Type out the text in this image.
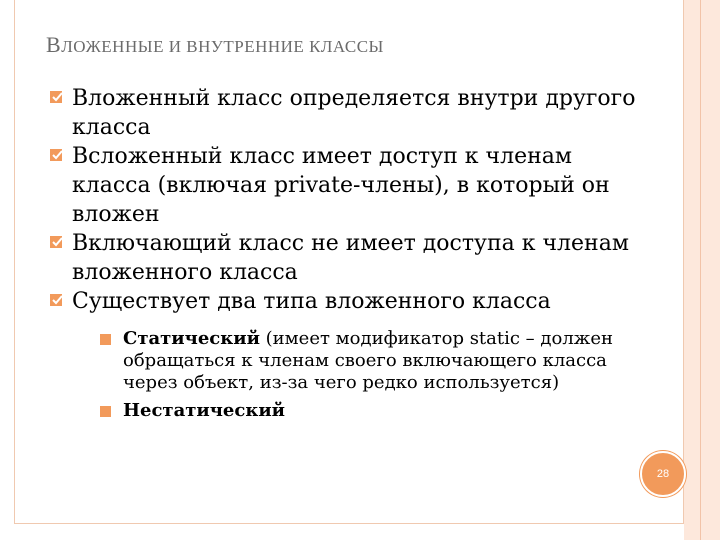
ВЛОЖЕННЫЕ И ВНУТРЕННИЕ КЛАССЫ
Вложенный класс определяется внутри другого класса
Всложенный класс имеет доступ к членам класса (включая private-члены), в который он вложен
Включающий класс не имеет доступа к членам вложенного класса
Существует два типа вложенного класса
Статический (имеет модификатор static – должен обращаться к членам своего включающего класса через объект, из-за чего редко используется)
Нестатический
28
